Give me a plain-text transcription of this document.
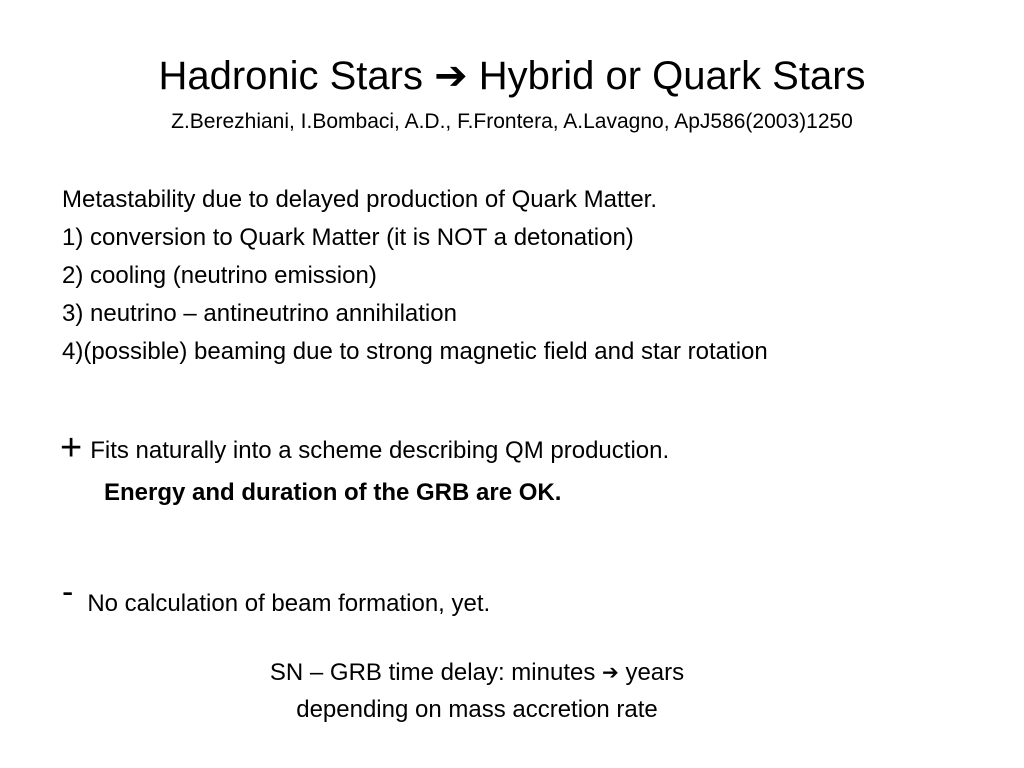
Hadronic Stars ➔ Hybrid or Quark Stars
Z.Berezhiani, I.Bombaci, A.D., F.Frontera, A.Lavagno, ApJ586(2003)1250
Metastability due to delayed production of Quark Matter.
1) conversion to Quark Matter (it is NOT a detonation)
2) cooling (neutrino emission)
3) neutrino – antineutrino annihilation
4)(possible) beaming due to strong magnetic field and star rotation
+ Fits naturally into a scheme describing QM production.
Energy and duration of the GRB are OK.
- No calculation of beam formation, yet.
SN – GRB time delay: minutes ➔ years
depending on mass accretion rate
